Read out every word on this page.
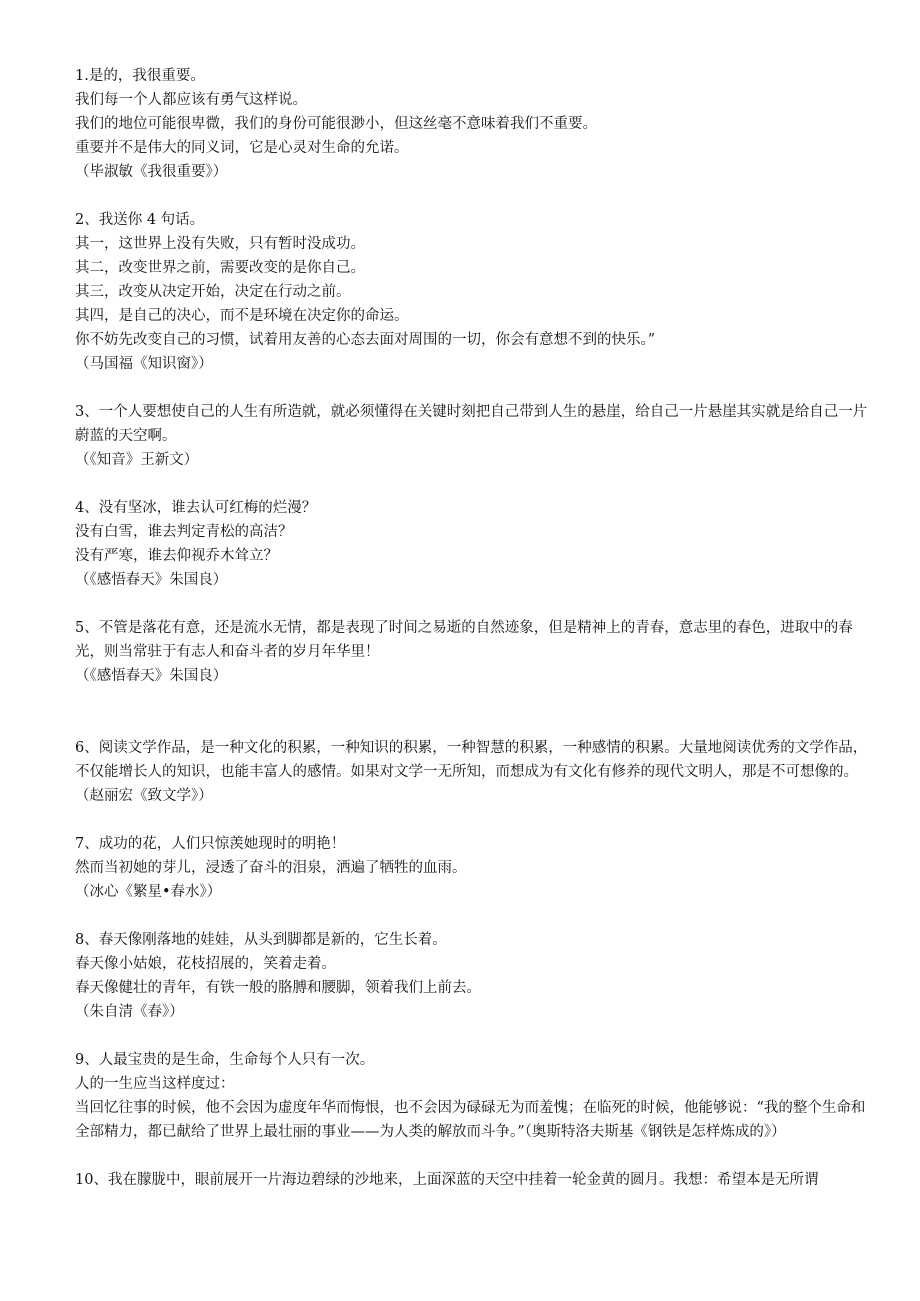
1.是的，我很重要。
我们每一个人都应该有勇气这样说。
我们的地位可能很卑微，我们的身份可能很渺小，但这丝毫不意味着我们不重要。
重要并不是伟大的同义词，它是心灵对生命的允诺。
（毕淑敏《我很重要》）
2、我送你 4 句话。
其一，这世界上没有失败，只有暂时没成功。
其二，改变世界之前，需要改变的是你自己。
其三，改变从决定开始，决定在行动之前。
其四，是自己的决心，而不是环境在决定你的命运。
你不妨先改变自己的习惯，试着用友善的心态去面对周围的一切，你会有意想不到的快乐。”
（马国福《知识窗》）
3、一个人要想使自己的人生有所造就，就必须懂得在关键时刻把自己带到人生的悬崖，给自己一片悬崖其实就是给自己一片蔚蓝的天空啊。
（《知音》王新文）
4、没有坚冰，谁去认可红梅的烂漫？
没有白雪，谁去判定青松的高洁？
没有严寒，谁去仰视乔木耸立？
（《感悟春天》朱国良）
5、不管是落花有意，还是流水无情，都是表现了时间之易逝的自然迹象，但是精神上的青春，意志里的春色，进取中的春光，则当常驻于有志人和奋斗者的岁月年华里！
（《感悟春天》朱国良）
6、阅读文学作品，是一种文化的积累，一种知识的积累，一种智慧的积累，一种感情的积累。大量地阅读优秀的文学作品，不仅能增长人的知识，也能丰富人的感情。如果对文学一无所知，而想成为有文化有修养的现代文明人，那是不可想像的。
（赵丽宏《致文学》）
7、成功的花，人们只惊羡她现时的明艳！
然而当初她的芽儿，浸透了奋斗的泪泉，洒遍了牺牲的血雨。
（冰心《繁星•春水》）
8、春天像刚落地的娃娃，从头到脚都是新的，它生长着。
春天像小姑娘，花枝招展的，笑着走着。
春天像健壮的青年，有铁一般的胳膊和腰脚，领着我们上前去。
（朱自清《春》）
9、人最宝贵的是生命，生命每个人只有一次。
人的一生应当这样度过：
当回忆往事的时候，他不会因为虚度年华而悔恨，也不会因为碌碌无为而羞愧；在临死的时候，他能够说：“我的整个生命和全部精力，都已献给了世界上最壮丽的事业——为人类的解放而斗争。”（奥斯特洛夫斯基《钢铁是怎样炼成的》）
10、我在朦胧中，眼前展开一片海边碧绿的沙地来，上面深蓝的天空中挂着一轮金黄的圆月。我想：希望本是无所谓
